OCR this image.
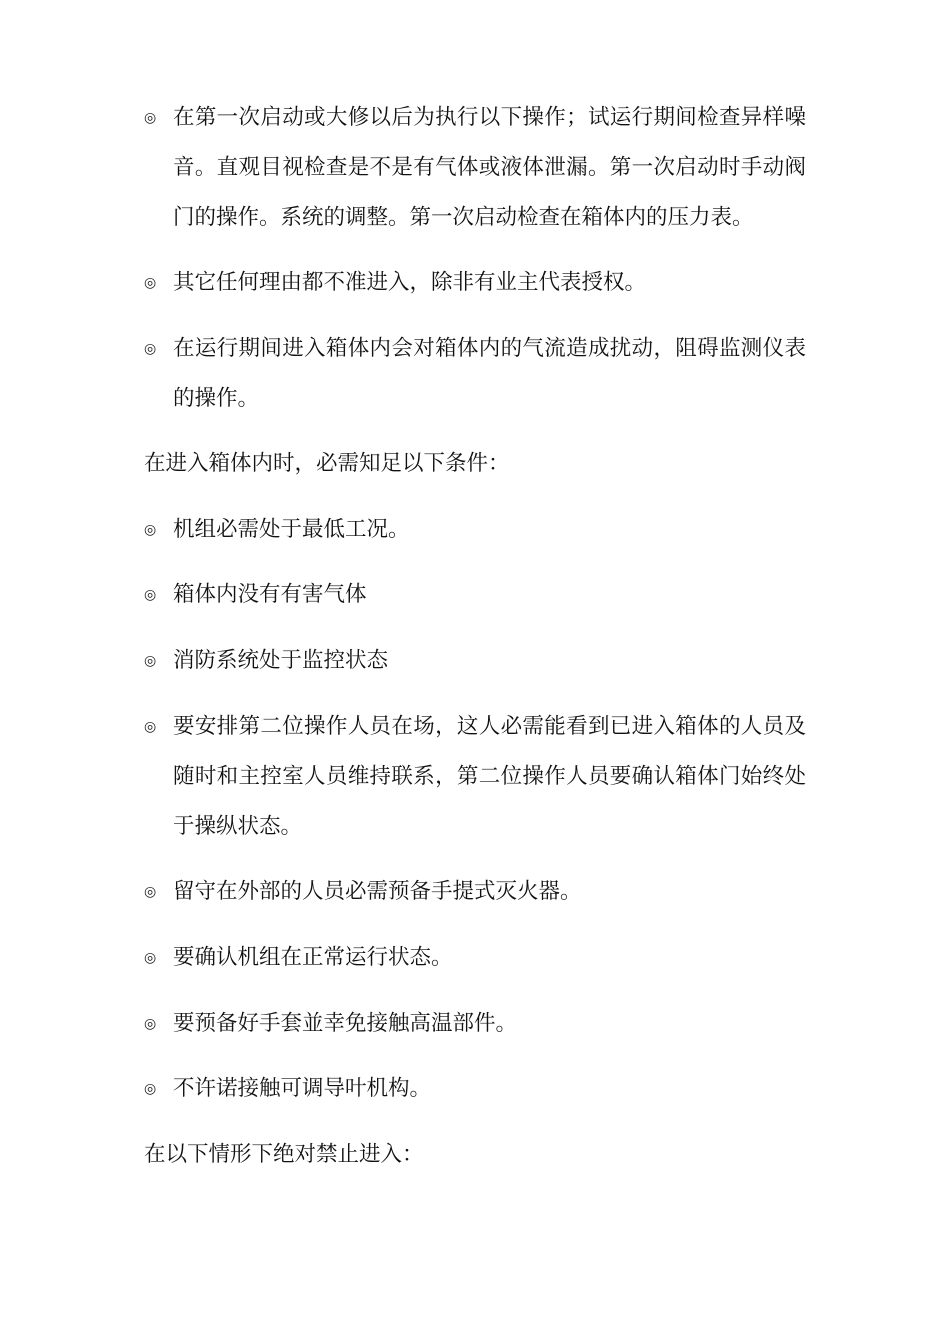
◎ 在第一次启动或大修以后为执行以下操作；试运行期间检查异样噪音。直观目视检查是不是有气体或液体泄漏。第一次启动时手动阀门的操作。系统的调整。第一次启动检查在箱体内的压力表。
◎ 其它任何理由都不准进入，除非有业主代表授权。
◎ 在运行期间进入箱体内会对箱体内的气流造成扰动，阻碍监测仪表的操作。
在进入箱体内时，必需知足以下条件：
◎ 机组必需处于最低工况。
◎ 箱体内没有有害气体
◎ 消防系统处于监控状态
◎ 要安排第二位操作人员在场，这人必需能看到已进入箱体的人员及随时和主控室人员维持联系，第二位操作人员要确认箱体门始终处于操纵状态。
◎ 留守在外部的人员必需预备手提式灭火器。
◎ 要确认机组在正常运行状态。
◎ 要预备好手套並幸免接触高温部件。
◎ 不许诺接触可调导叶机构。
在以下情形下绝对禁止进入：
